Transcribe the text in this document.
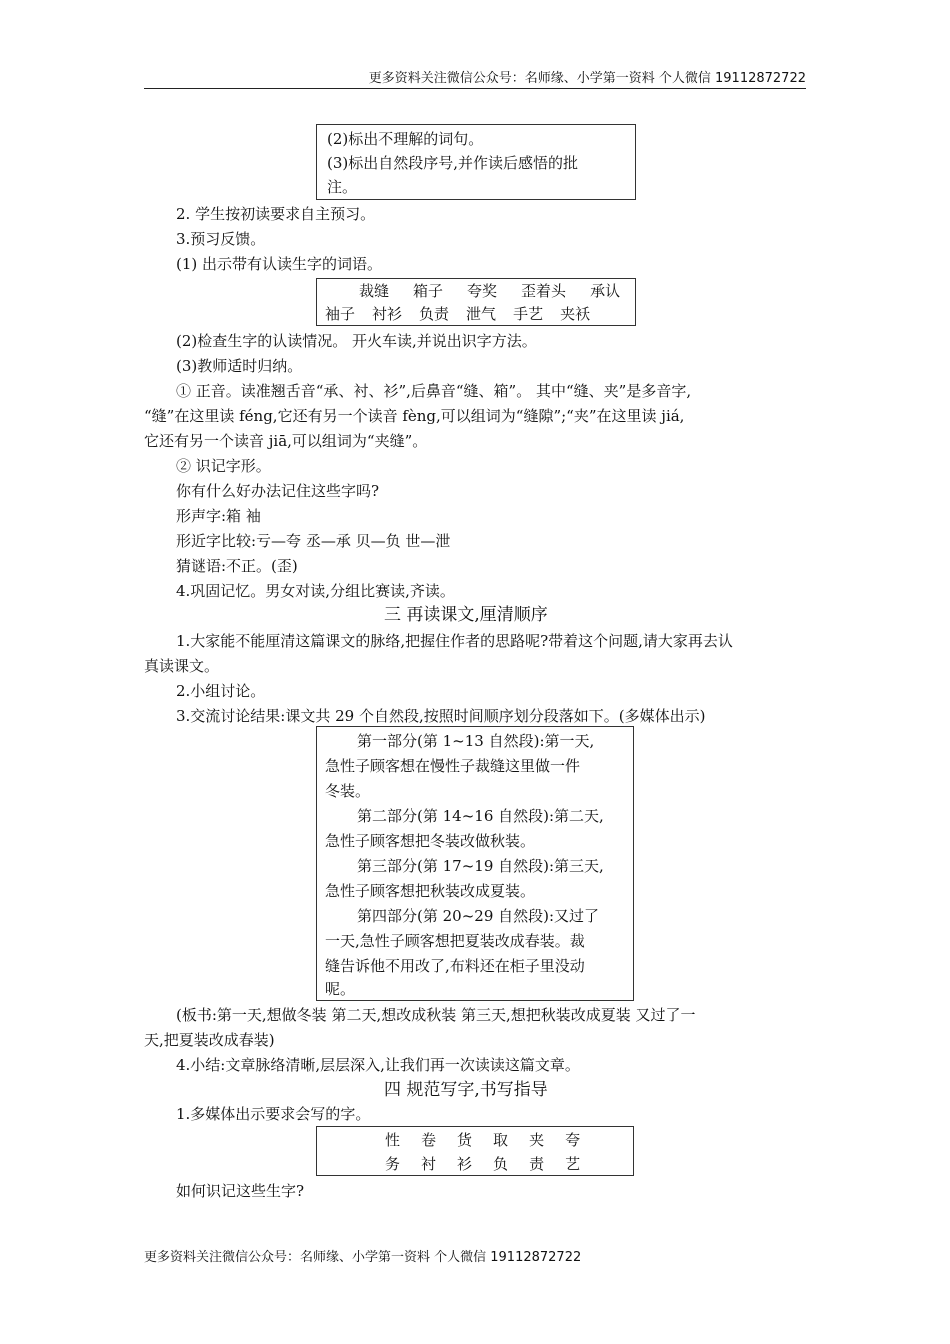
更多资料关注微信公众号：名师缘、小学第一资料 个人微信 19112872722
(2)标出不理解的词句。
(3)标出自然段序号,并作读后感悟的批
注。
2. 学生按初读要求自主预习。
3.预习反馈。
(1) 出示带有认读生字的词语。
裁缝 箱子 夸奖 歪着头 承认
袖子 衬衫 负责 泄气 手艺 夹袄
(2)检查生字的认读情况。 开火车读,并说出识字方法。
(3)教师适时归纳。
① 正音。读准翘舌音“承、衬、衫”,后鼻音“缝、箱”。 其中“缝、夹”是多音字,
“缝”在这里读 féng,它还有另一个读音 fèng,可以组词为“缝隙”;“夹”在这里读 jiá,
它还有另一个读音 jiā,可以组词为“夹缝”。
② 识记字形。
你有什么好办法记住这些字吗?
形声字:箱 袖
形近字比较:亏—夸 丞—承 贝—负 世—泄
猜谜语:不正。(歪)
4.巩固记忆。男女对读,分组比赛读,齐读。
三 再读课文,厘清顺序
1.大家能不能厘清这篇课文的脉络,把握住作者的思路呢?带着这个问题,请大家再去认
真读课文。
2.小组讨论。
3.交流讨论结果:课文共 29 个自然段,按照时间顺序划分段落如下。(多媒体出示)
第一部分(第 1~13 自然段):第一天,
急性子顾客想在慢性子裁缝这里做一件
冬装。
第二部分(第 14~16 自然段):第二天,
急性子顾客想把冬装改做秋装。
第三部分(第 17~19 自然段):第三天,
急性子顾客想把秋装改成夏装。
第四部分(第 20~29 自然段):又过了
一天,急性子顾客想把夏装改成春装。裁
缝告诉他不用改了,布料还在柜子里没动
呢。
(板书:第一天,想做冬装 第二天,想改成秋装 第三天,想把秋装改成夏装 又过了一
天,把夏装改成春装)
4.小结:文章脉络清晰,层层深入,让我们再一次读读这篇文章。
四 规范写字,书写指导
1.多媒体出示要求会写的字。
性 卷 货 取 夹 夸
务 衬 衫 负 责 艺
如何识记这些生字?
更多资料关注微信公众号：名师缘、小学第一资料 个人微信 19112872722
